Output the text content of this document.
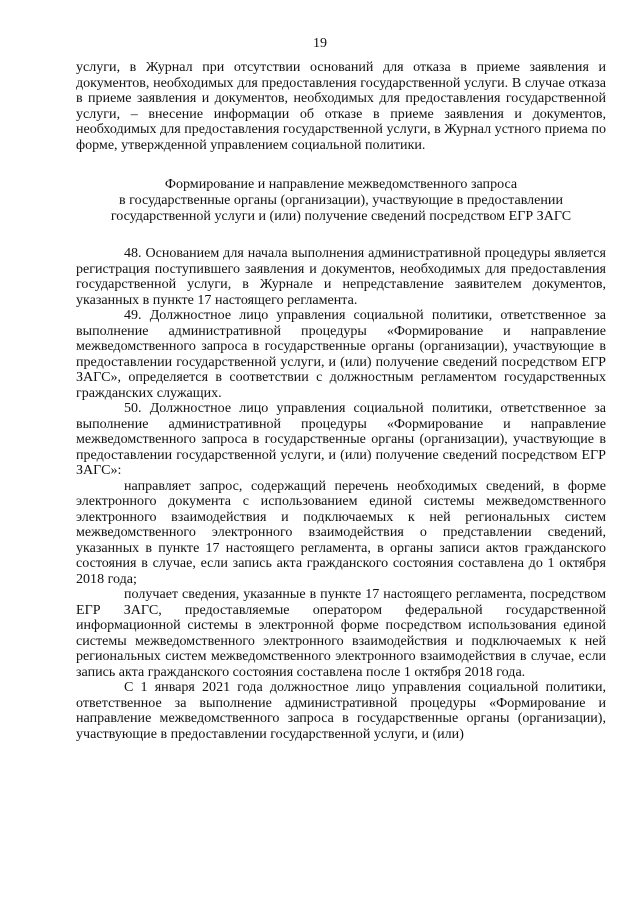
19

услуги, в Журнал при отсутствии оснований для отказа в приеме заявления и документов, необходимых для предоставления государственной услуги. В случае отказа в приеме заявления и документов, необходимых для предоставления государственной услуги, – внесение информации об отказе в приеме заявления и документов, необходимых для предоставления государственной услуги, в Журнал устного приема по форме, утвержденной управлением социальной политики.

Формирование и направление межведомственного запроса
в государственные органы (организации), участвующие в предоставлении
государственной услуги и (или) получение сведений посредством ЕГР ЗАГС

48. Основанием для начала выполнения административной процедуры является регистрация поступившего заявления и документов, необходимых для предоставления государственной услуги, в Журнале и непредставление заявителем документов, указанных в пункте 17 настоящего регламента.

49. Должностное лицо управления социальной политики, ответственное за выполнение административной процедуры «Формирование и направление межведомственного запроса в государственные органы (организации), участвующие в предоставлении государственной услуги, и (или) получение сведений посредством ЕГР ЗАГС», определяется в соответствии с должностным регламентом государственных гражданских служащих.

50. Должностное лицо управления социальной политики, ответственное за выполнение административной процедуры «Формирование и направление межведомственного запроса в государственные органы (организации), участвующие в предоставлении государственной услуги, и (или) получение сведений посредством ЕГР ЗАГС»:

направляет запрос, содержащий перечень необходимых сведений, в форме электронного документа с использованием единой системы межведомственного электронного взаимодействия и подключаемых к ней региональных систем межведомственного электронного взаимодействия о представлении сведений, указанных в пункте 17 настоящего регламента, в органы записи актов гражданского состояния в случае, если запись акта гражданского состояния составлена до 1 октября 2018 года;

получает сведения, указанные в пункте 17 настоящего регламента, посредством ЕГР ЗАГС, предоставляемые оператором федеральной государственной информационной системы в электронной форме посредством использования единой системы межведомственного электронного взаимодействия и подключаемых к ней региональных систем межведомственного электронного взаимодействия в случае, если запись акта гражданского состояния составлена после 1 октября 2018 года.

С 1 января 2021 года должностное лицо управления социальной политики, ответственное за выполнение административной процедуры «Формирование и направление межведомственного запроса в государственные органы (организации), участвующие в предоставлении государственной услуги, и (или)
